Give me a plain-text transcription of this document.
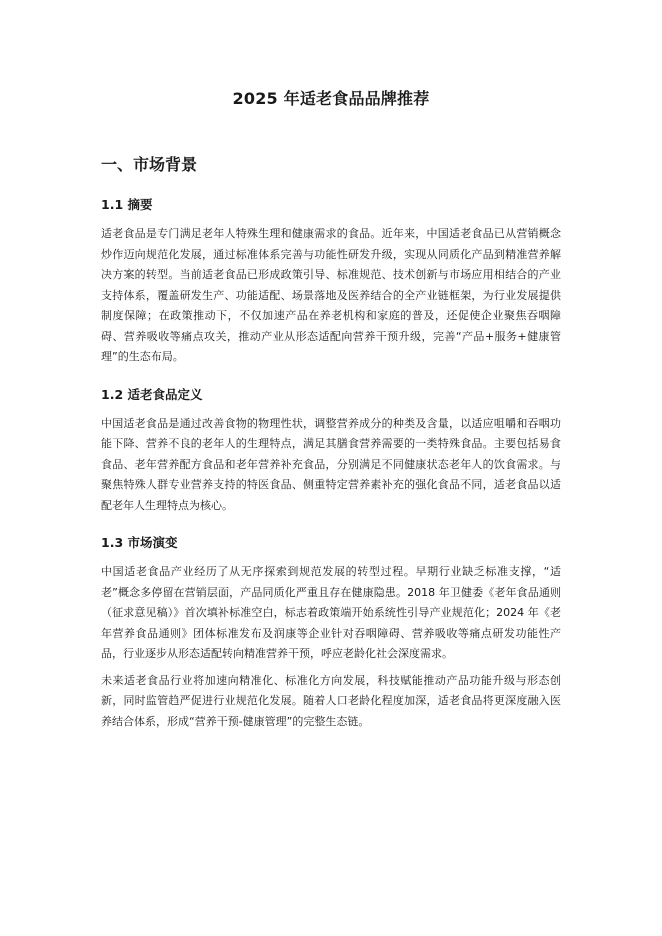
2025 年适老食品品牌推荐
一、市场背景
1.1 摘要

适老食品是专门满足老年人特殊生理和健康需求的食品。近年来，中国适老食品已从营销概念炒作迈向规范化发展，通过标准体系完善与功能性研发升级，实现从同质化产品到精准营养解决方案的转型。当前适老食品已形成政策引导、标准规范、技术创新与市场应用相结合的产业支持体系，覆盖研发生产、功能适配、场景落地及医养结合的全产业链框架，为行业发展提供制度保障；在政策推动下，不仅加速产品在养老机构和家庭的普及，还促使企业聚焦吞咽障碍、营养吸收等痛点攻关，推动产业从形态适配向营养干预升级，完善“产品+服务+健康管理”的生态布局。

1.2 适老食品定义

中国适老食品是通过改善食物的物理性状，调整营养成分的种类及含量，以适应咀嚼和吞咽功能下降、营养不良的老年人的生理特点，满足其膳食营养需要的一类特殊食品。主要包括易食食品、老年营养配方食品和老年营养补充食品，分别满足不同健康状态老年人的饮食需求。与聚焦特殊人群专业营养支持的特医食品、侧重特定营养素补充的强化食品不同，适老食品以适配老年人生理特点为核心。

1.3 市场演变

中国适老食品产业经历了从无序探索到规范发展的转型过程。早期行业缺乏标准支撑，“适老”概念多停留在营销层面，产品同质化严重且存在健康隐患。2018 年卫健委《老年食品通则（征求意见稿）》首次填补标准空白，标志着政策端开始系统性引导产业规范化；2024 年《老年营养食品通则》团体标准发布及润康等企业针对吞咽障碍、营养吸收等痛点研发功能性产品，行业逐步从形态适配转向精准营养干预，呼应老龄化社会深度需求。

未来适老食品行业将加速向精准化、标准化方向发展，科技赋能推动产品功能升级与形态创新，同时监管趋严促进行业规范化发展。随着人口老龄化程度加深，适老食品将更深度融入医养结合体系，形成“营养干预-健康管理”的完整生态链。
